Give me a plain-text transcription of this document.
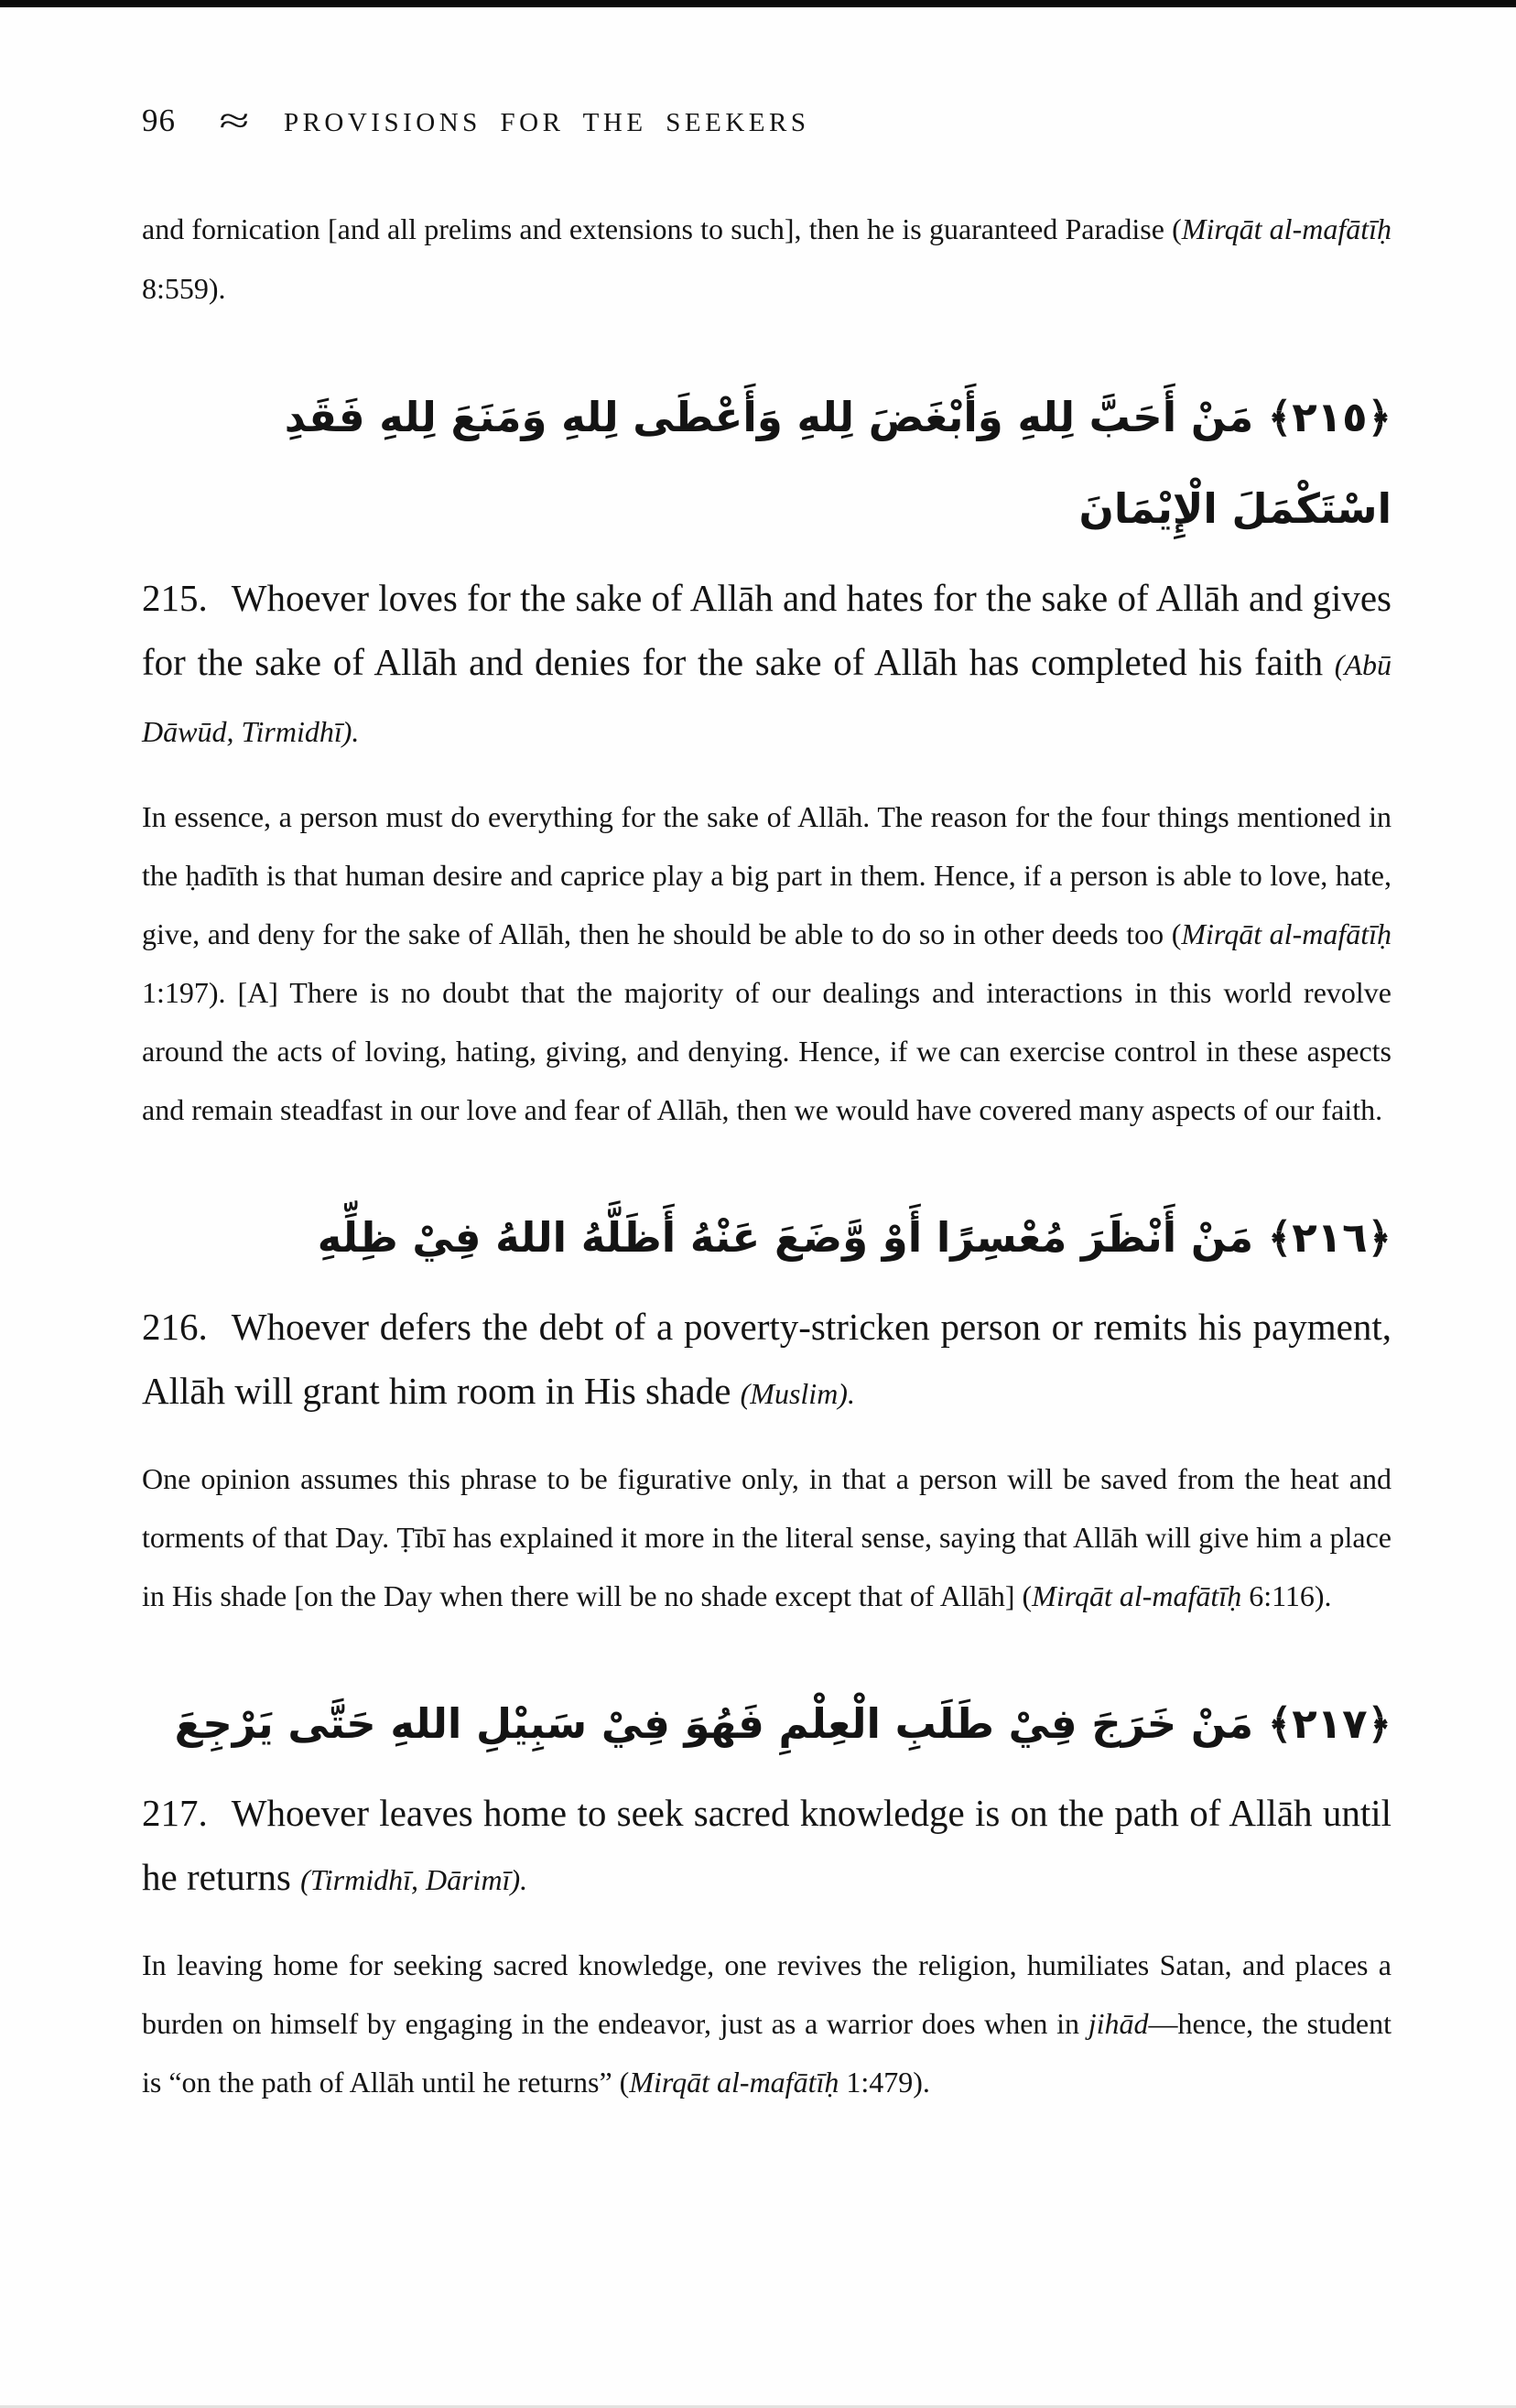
96 ≈ PROVISIONS FOR THE SEEKERS

and fornication [and all prelims and extensions to such], then he is guaranteed Paradise (Mirqāt al-mafātīḥ 8:559).

﴿٢١٥﴾ مَنْ أَحَبَّ لِلهِ وَأَبْغَضَ لِلهِ وَأَعْطَى لِلهِ وَمَنَعَ لِلهِ فَقَدِ اسْتَكْمَلَ الْإِيْمَانَ

215. Whoever loves for the sake of Allāh and hates for the sake of Allāh and gives for the sake of Allāh and denies for the sake of Allāh has completed his faith (Abū Dāwūd, Tirmidhī).

In essence, a person must do everything for the sake of Allāh. The reason for the four things mentioned in the ḥadīth is that human desire and caprice play a big part in them. Hence, if a person is able to love, hate, give, and deny for the sake of Allāh, then he should be able to do so in other deeds too (Mirqāt al-mafātīḥ 1:197). [A] There is no doubt that the majority of our dealings and interactions in this world revolve around the acts of loving, hating, giving, and denying. Hence, if we can exercise control in these aspects and remain steadfast in our love and fear of Allāh, then we would have covered many aspects of our faith.

﴿٢١٦﴾ مَنْ أَنْظَرَ مُعْسِرًا أَوْ وَّضَعَ عَنْهُ أَظَلَّهُ اللهُ فِيْ ظِلِّهِ

216. Whoever defers the debt of a poverty-stricken person or remits his payment, Allāh will grant him room in His shade (Muslim).

One opinion assumes this phrase to be figurative only, in that a person will be saved from the heat and torments of that Day. Ṭībī has explained it more in the literal sense, saying that Allāh will give him a place in His shade [on the Day when there will be no shade except that of Allāh] (Mirqāt al-mafātīḥ 6:116).

﴿٢١٧﴾ مَنْ خَرَجَ فِيْ طَلَبِ الْعِلْمِ فَهُوَ فِيْ سَبِيْلِ اللهِ حَتَّى يَرْجِعَ

217. Whoever leaves home to seek sacred knowledge is on the path of Allāh until he returns (Tirmidhī, Dārimī).

In leaving home for seeking sacred knowledge, one revives the religion, humiliates Satan, and places a burden on himself by engaging in the endeavor, just as a warrior does when in jihād—hence, the student is “on the path of Allāh until he returns” (Mirqāt al-mafātīḥ 1:479).
